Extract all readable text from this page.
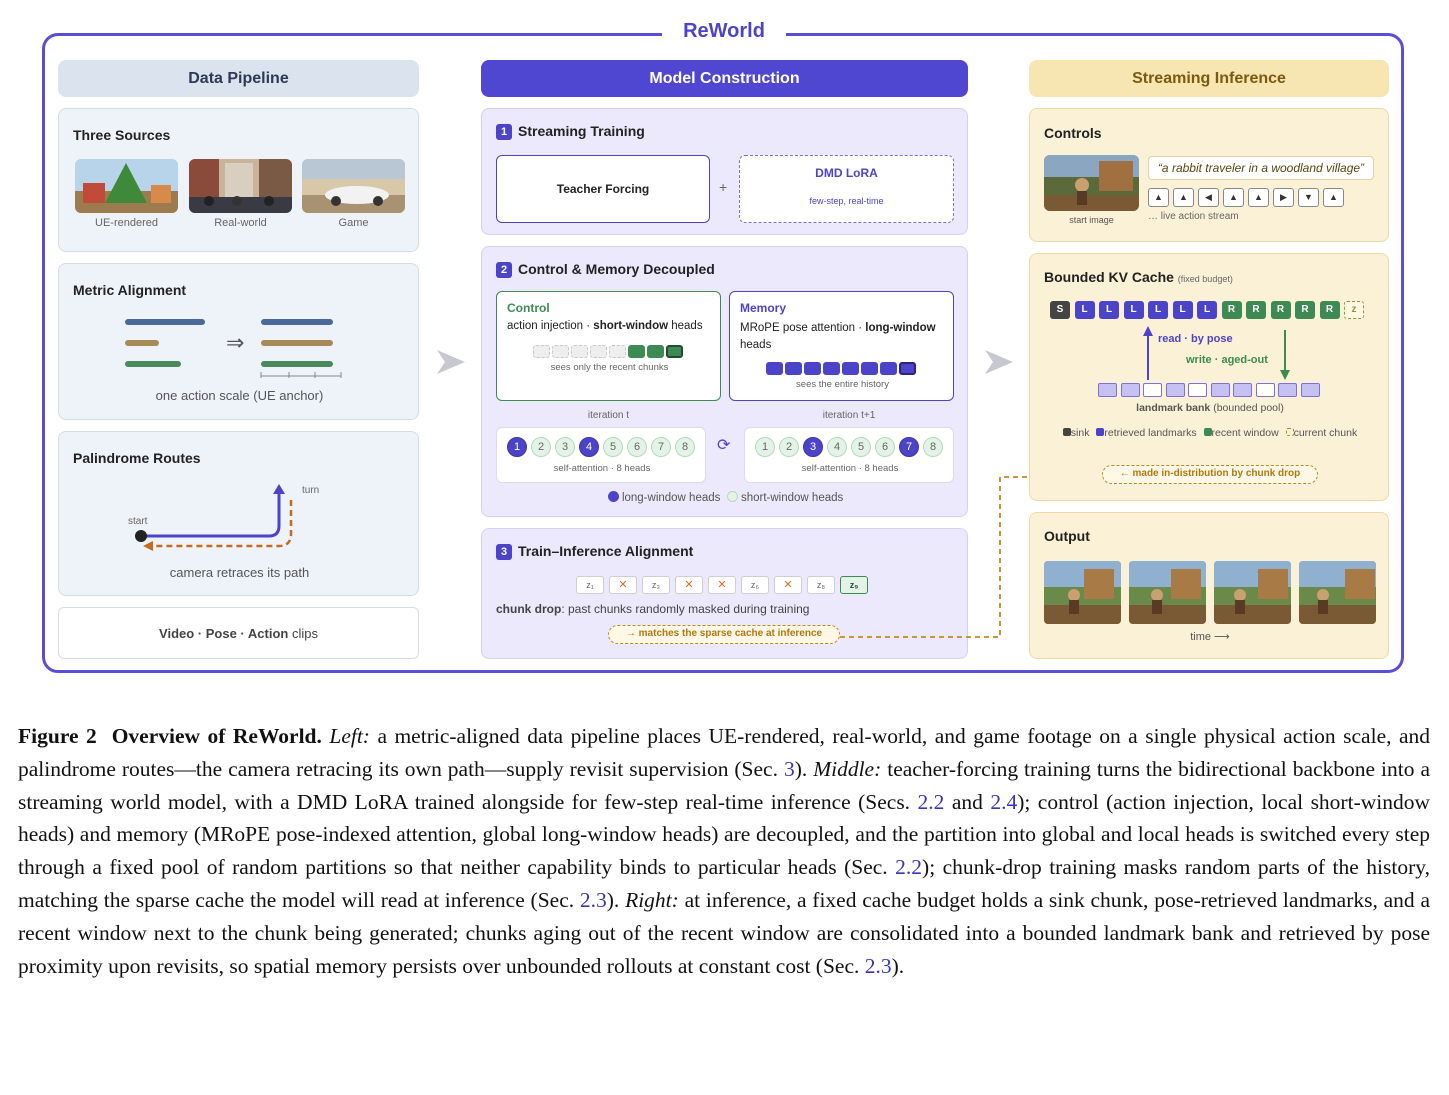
ReWorld
Data Pipeline	Model Construction	Streaming Inference
Three Sources
UE-rendered	Real-world	Game
Metric Alignment
⇒
one action scale (UE anchor)
Palindrome Routes
start
turn
camera retraces its path
Video · Pose · Action clips
1 Streaming Training
Teacher Forcing	+
DMD LoRA
few-step, real-time
2 Control & Memory Decoupled
Control
action injection · short-window heads
sees only the recent chunks
Memory
MRoPE pose attention · long-window heads
sees the entire history
iteration t	iteration t+1
1	2	3	4	5	6	7	8
self-attention · 8 heads
⟳	1	2	3	4	5	6	7	8
self-attention · 8 heads
long-window heads short-window heads
3 Train–Inference Alignment
z₁	✕	z₃	✕	✕	z₆	✕	z₈	z₉
chunk drop: past chunks randomly masked during training
→ matches the sparse cache at inference
Controls
start image
“a rabbit traveler in a woodland village”
▲ ▲ ◀ ▲ ▲ ▶ ▼ ▲
… live action stream
Bounded KV Cache (fixed budget)
S	L	L	L	L	L	L	R	R	R	R	R	z
read · by pose
write · aged-out
landmark bank (bounded pool)
sink retrieved landmarks recent window current chunk
← made in-distribution by chunk drop
Output
time ⟶
Figure 2 Overview of ReWorld. Left: a metric-aligned data pipeline places UE-rendered, real-world, and game footage on a single physical action scale, and palindrome routes—the camera retracing its own path—supply revisit supervision (Sec. 3). Middle: teacher-forcing training turns the bidirectional backbone into a streaming world model, with a DMD LoRA trained alongside for few-step real-time inference (Secs. 2.2 and 2.4); control (action injection, local short-window heads) and memory (MRoPE pose-indexed attention, global long-window heads) are decoupled, and the partition into global and local heads is switched every step through a fixed pool of random partitions so that neither capability binds to particular heads (Sec. 2.2); chunk-drop training masks random parts of the history, matching the sparse cache the model will read at inference (Sec. 2.3). Right: at inference, a fixed cache budget holds a sink chunk, pose-retrieved landmarks, and a recent window next to the chunk being generated; chunks aging out of the recent window are consolidated into a bounded landmark bank and retrieved by pose proximity upon revisits, so spatial memory persists over unbounded rollouts at constant cost (Sec. 2.3).
